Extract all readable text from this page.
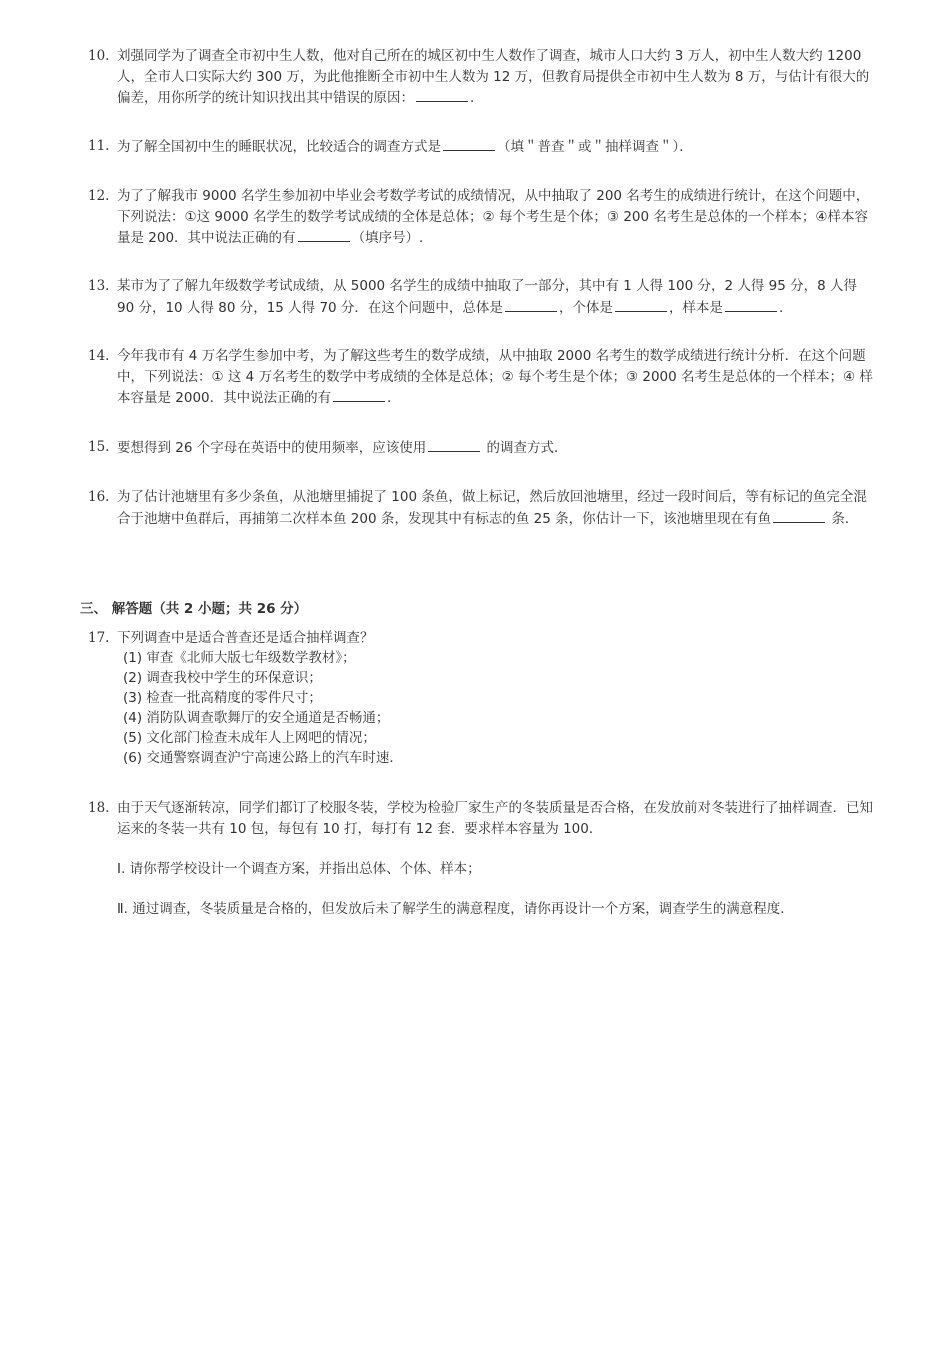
10. 刘强同学为了调查全市初中生人数，他对自己所在的城区初中生人数作了调查，城市人口大约 3 万人，初中生人数大约 1200 人，全市人口实际大约 300 万，为此他推断全市初中生人数为 12 万，但教育局提供全市初中生人数为 8 万，与估计有很大的偏差，用你所学的统计知识找出其中错误的原因：	．
11. 为了解全国初中生的睡眠状况，比较适合的调查方式是	（填＂普查＂或＂抽样调查＂）．
12. 为了了解我市 9000 名学生参加初中毕业会考数学考试的成绩情况，从中抽取了 200 名考生的成绩进行统计，在这个问题中，下列说法：①这 9000 名学生的数学考试成绩的全体是总体；② 每个考生是个体；③ 200 名考生是总体的一个样本；④样本容量是 200．其中说法正确的有	（填序号）.
13. 某市为了了解九年级数学考试成绩，从 5000 名学生的成绩中抽取了一部分，其中有 1 人得 100 分，2 人得 95 分，8 人得 90 分，10 人得 80 分，15 人得 70 分．在这个问题中，总体是	，个体是	，样本是	．
14. 今年我市有 4 万名学生参加中考，为了解这些考生的数学成绩，从中抽取 2000 名考生的数学成绩进行统计分析．在这个问题中，下列说法：① 这 4 万名考生的数学中考成绩的全体是总体；② 每个考生是个体；③ 2000 名考生是总体的一个样本；④ 样本容量是 2000．其中说法正确的有	．
15. 要想得到 26 个字母在英语中的使用频率，应该使用	的调查方式．
16. 为了估计池塘里有多少条鱼，从池塘里捕捉了 100 条鱼，做上标记，然后放回池塘里，经过一段时间后，等有标记的鱼完全混合于池塘中鱼群后，再捕第二次样本鱼 200 条，发现其中有标志的鱼 25 条，你估计一下，该池塘里现在有鱼	条．
三、 解答题（共 2 小题；共 26 分）
17. 下列调查中是适合普查还是适合抽样调查？
(1) 审查《北师大版七年级数学教材》；
(2) 调查我校中学生的环保意识；
(3) 检查一批高精度的零件尺寸；
(4) 消防队调查歌舞厅的安全通道是否畅通；
(5) 文化部门检查未成年人上网吧的情况；
(6) 交通警察调查沪宁高速公路上的汽车时速．
18. 由于天气逐渐转凉，同学们都订了校服冬装，学校为检验厂家生产的冬装质量是否合格，在发放前对冬装进行了抽样调查．已知运来的冬装一共有 10 包，每包有 10 打，每打有 12 套．要求样本容量为 100．
Ⅰ. 请你帮学校设计一个调查方案，并指出总体、个体、样本；
Ⅱ. 通过调查，冬装质量是合格的，但发放后未了解学生的满意程度，请你再设计一个方案，调查学生的满意程度．
